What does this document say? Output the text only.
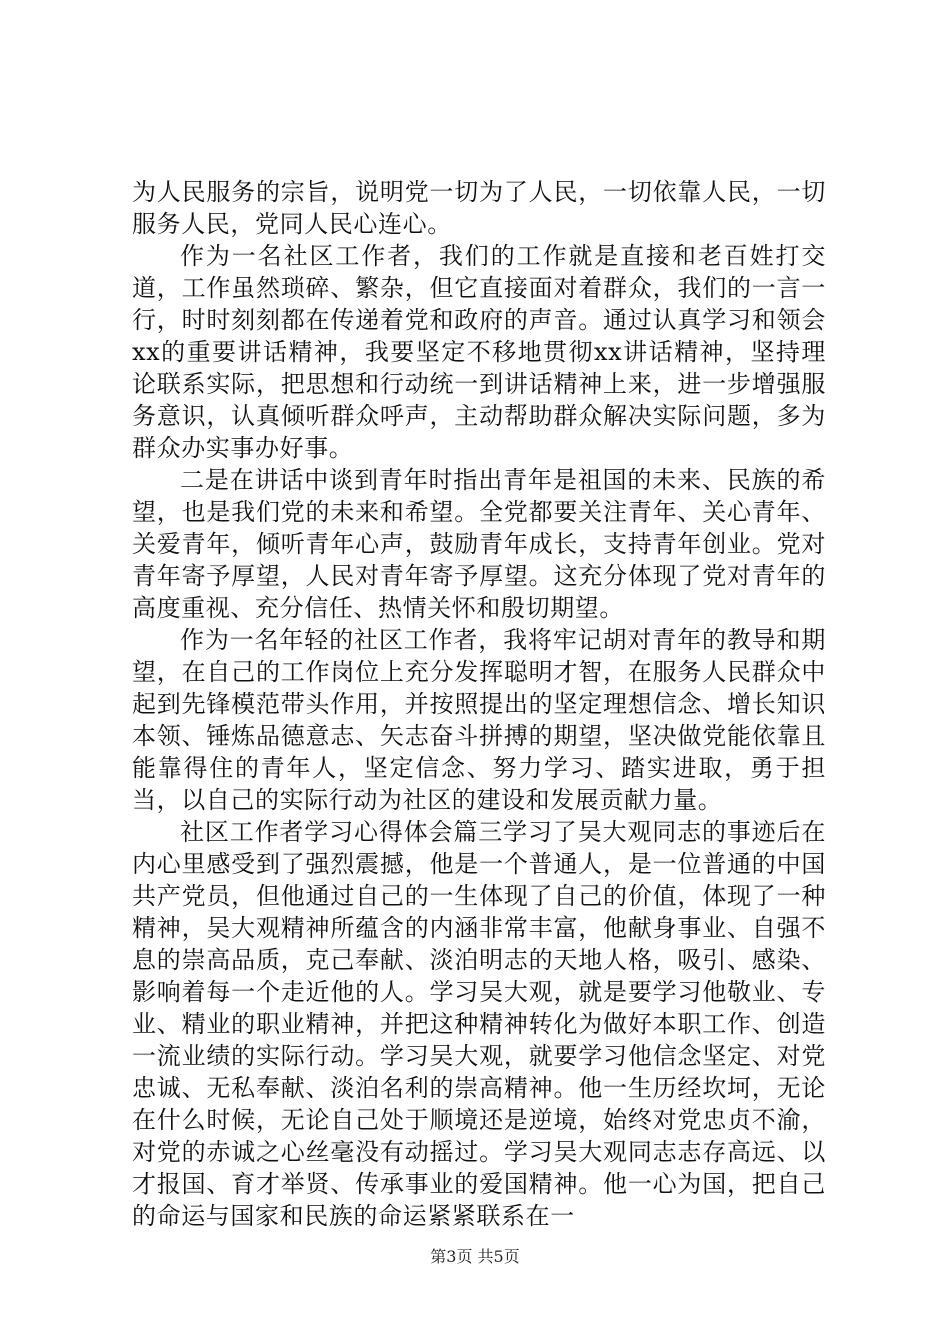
为人民服务的宗旨，说明党一切为了人民，一切依靠人民，一切服务人民，党同人民心连心。

作为一名社区工作者，我们的工作就是直接和老百姓打交道，工作虽然琐碎、繁杂，但它直接面对着群众，我们的一言一行，时时刻刻都在传递着党和政府的声音。通过认真学习和领会xx的重要讲话精神，我要坚定不移地贯彻xx讲话精神，坚持理论联系实际，把思想和行动统一到讲话精神上来，进一步增强服务意识，认真倾听群众呼声，主动帮助群众解决实际问题，多为群众办实事办好事。

二是在讲话中谈到青年时指出青年是祖国的未来、民族的希望，也是我们党的未来和希望。全党都要关注青年、关心青年、关爱青年，倾听青年心声，鼓励青年成长，支持青年创业。党对青年寄予厚望，人民对青年寄予厚望。这充分体现了党对青年的高度重视、充分信任、热情关怀和殷切期望。

作为一名年轻的社区工作者，我将牢记胡对青年的教导和期望，在自己的工作岗位上充分发挥聪明才智，在服务人民群众中起到先锋模范带头作用，并按照提出的坚定理想信念、增长知识本领、锤炼品德意志、矢志奋斗拼搏的期望，坚决做党能依靠且能靠得住的青年人，坚定信念、努力学习、踏实进取，勇于担当，以自己的实际行动为社区的建设和发展贡献力量。

社区工作者学习心得体会篇三学习了吴大观同志的事迹后在内心里感受到了强烈震撼，他是一个普通人，是一位普通的中国共产党员，但他通过自己的一生体现了自己的价值，体现了一种精神，吴大观精神所蕴含的内涵非常丰富，他献身事业、自强不息的崇高品质，克己奉献、淡泊明志的天地人格，吸引、感染、影响着每一个走近他的人。学习吴大观，就是要学习他敬业、专业、精业的职业精神，并把这种精神转化为做好本职工作、创造一流业绩的实际行动。学习吴大观，就要学习他信念坚定、对党忠诚、无私奉献、淡泊名利的崇高精神。他一生历经坎坷，无论在什么时候，无论自己处于顺境还是逆境，始终对党忠贞不渝，对党的赤诚之心丝毫没有动摇过。学习吴大观同志志存高远、以才报国、育才举贤、传承事业的爱国精神。他一心为国，把自己的命运与国家和民族的命运紧紧联系在一

第3页 共5页
